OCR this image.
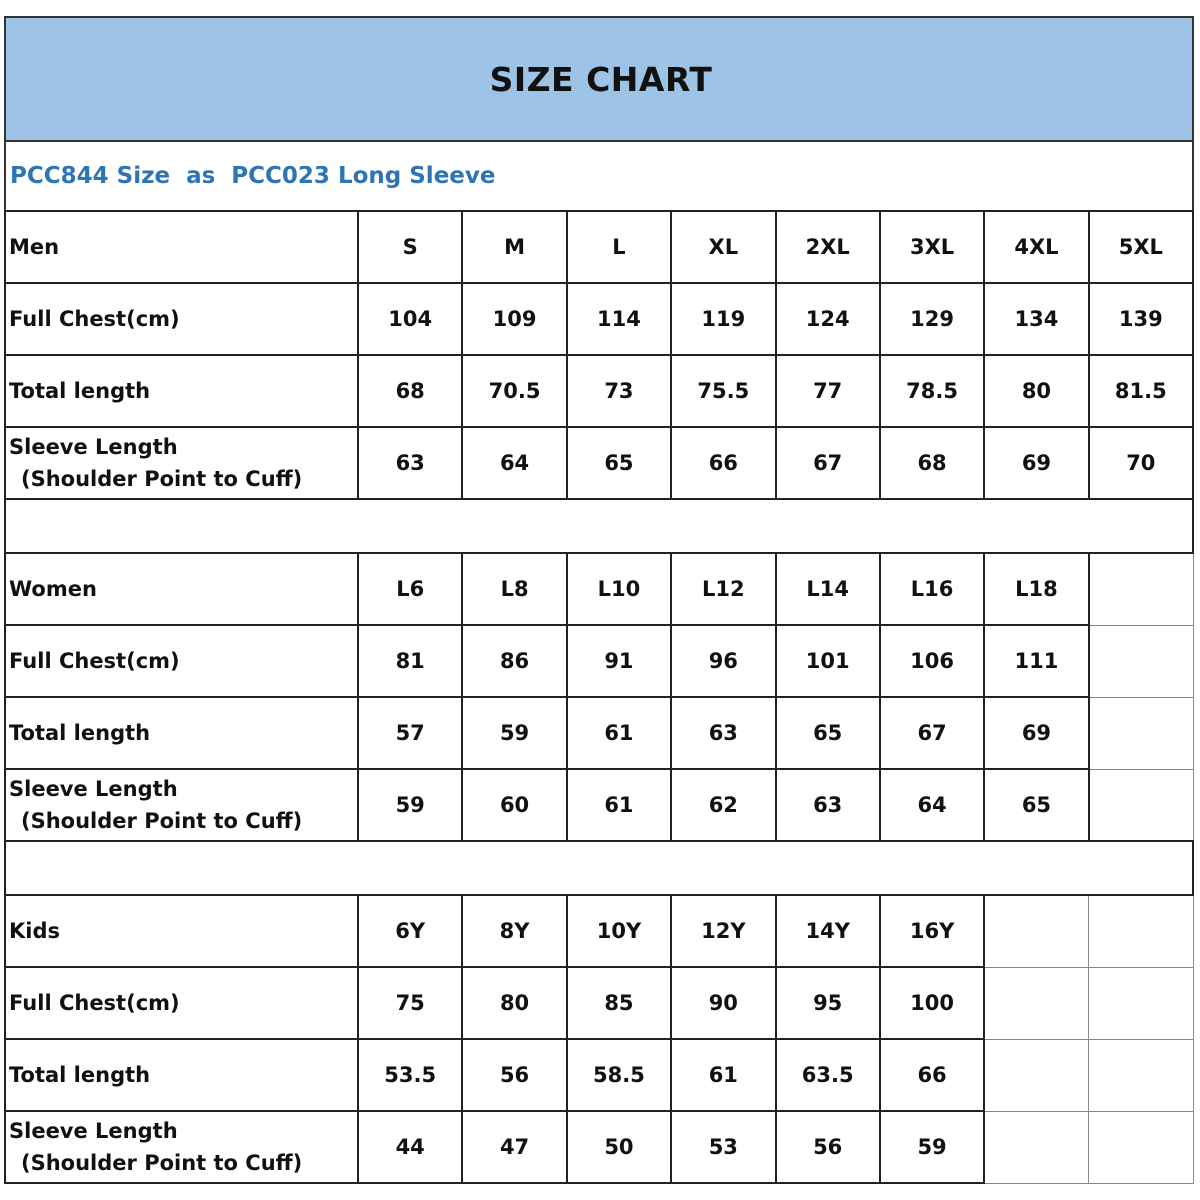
SIZE CHART
PCC844 Size  as  PCC023 Long Sleeve
Men	S	M	L	XL	2XL	3XL	4XL	5XL

Full Chest(cm)	104	109	114	119	124	129	134	139

Total length	68	70.5	73	75.5	77	78.5	80	81.5

Sleeve Length
(Shoulder Point to Cuff)	63	64	65	66	67	68	69	70

Women	L6	L8	L10	L12	L14	L16	L18	

Full Chest(cm)	81	86	91	96	101	106	111	

Total length	57	59	61	63	65	67	69	

Sleeve Length
(Shoulder Point to Cuff)	59	60	61	62	63	64	65	

Kids	6Y	8Y	10Y	12Y	14Y	16Y		

Full Chest(cm)	75	80	85	90	95	100		

Total length	53.5	56	58.5	61	63.5	66		

Sleeve Length
(Shoulder Point to Cuff)	44	47	50	53	56	59		
